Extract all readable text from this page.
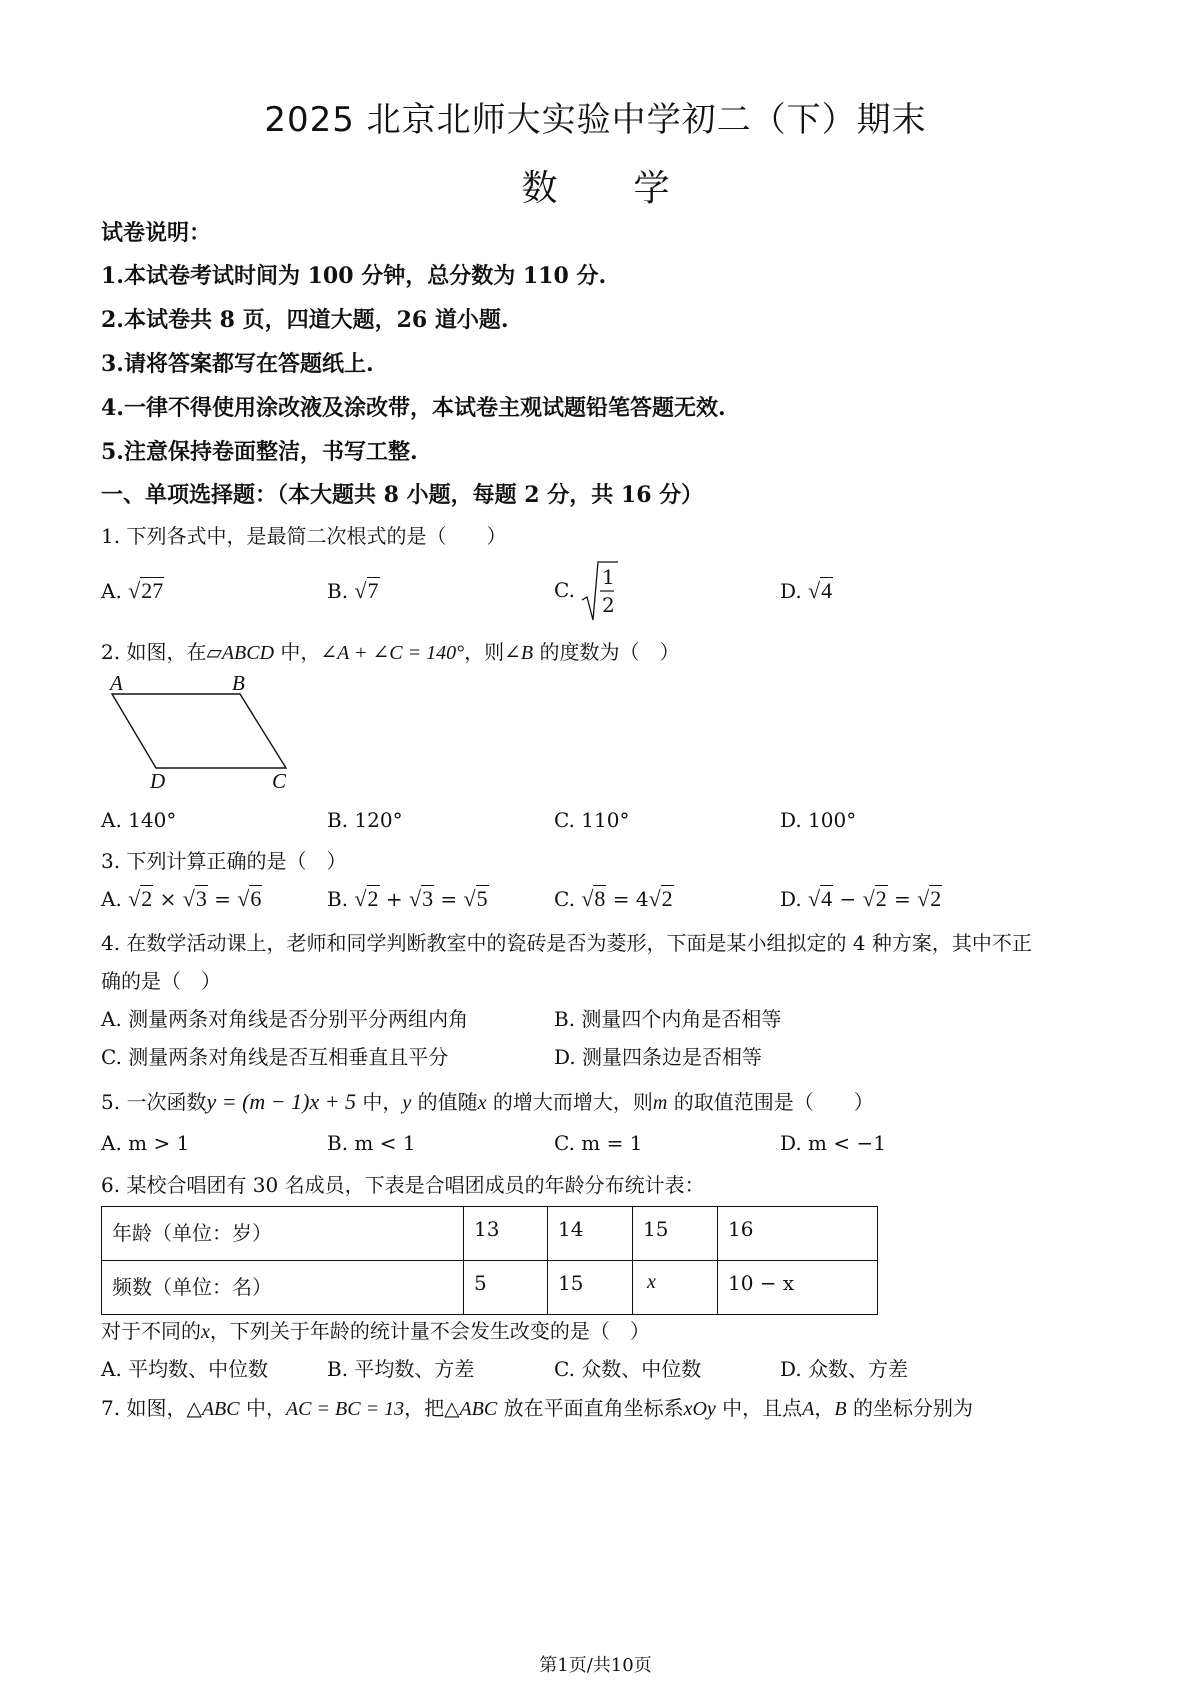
2025 北京北师大实验中学初二（下）期末
数学
试卷说明：
1.本试卷考试时间为 100 分钟，总分数为 110 分.
2.本试卷共 8 页，四道大题，26 道小题.
3.请将答案都写在答题纸上.
4.一律不得使用涂改液及涂改带，本试卷主观试题铅笔答题无效.
5.注意保持卷面整洁，书写工整.
一、单项选择题：（本大题共 8 小题，每题 2 分，共 16 分）
1. 下列各式中，是最简二次根式的是（　　）
A. √27	B. √7	C.
1
2
D. √4
2. 如图，在▱ABCD 中，∠A + ∠C = 140°，则∠B 的度数为（　）
A	B
D	C
A. 140°	B. 120°	C. 110°	D. 100°
3. 下列计算正确的是（　）
A. √2 × √3 = √6	B. √2 + √3 = √5	C. √8 = 4√2	D. √4 − √2 = √2
4. 在数学活动课上，老师和同学判断教室中的瓷砖是否为菱形，下面是某小组拟定的 4 种方案，其中不正
确的是（　）
A. 测量两条对角线是否分别平分两组内角	B. 测量四个内角是否相等
C. 测量两条对角线是否互相垂直且平分	D. 测量四条边是否相等
5. 一次函数y = (m − 1)x + 5 中，y 的值随x 的增大而增大，则m 的取值范围是（　　）
A. m > 1	B. m < 1	C. m = 1	D. m < −1
6. 某校合唱团有 30 名成员，下表是合唱团成员的年龄分布统计表：
年龄（单位：岁）	13	14	15	16
频数（单位：名）	5	15	x	10 − x
对于不同的x，下列关于年龄的统计量不会发生改变的是（　）
A. 平均数、中位数	B. 平均数、方差	C. 众数、中位数	D. 众数、方差
7. 如图，△ABC 中，AC = BC = 13，把△ABC 放在平面直角坐标系xOy 中，且点A，B 的坐标分别为
第1页/共10页
